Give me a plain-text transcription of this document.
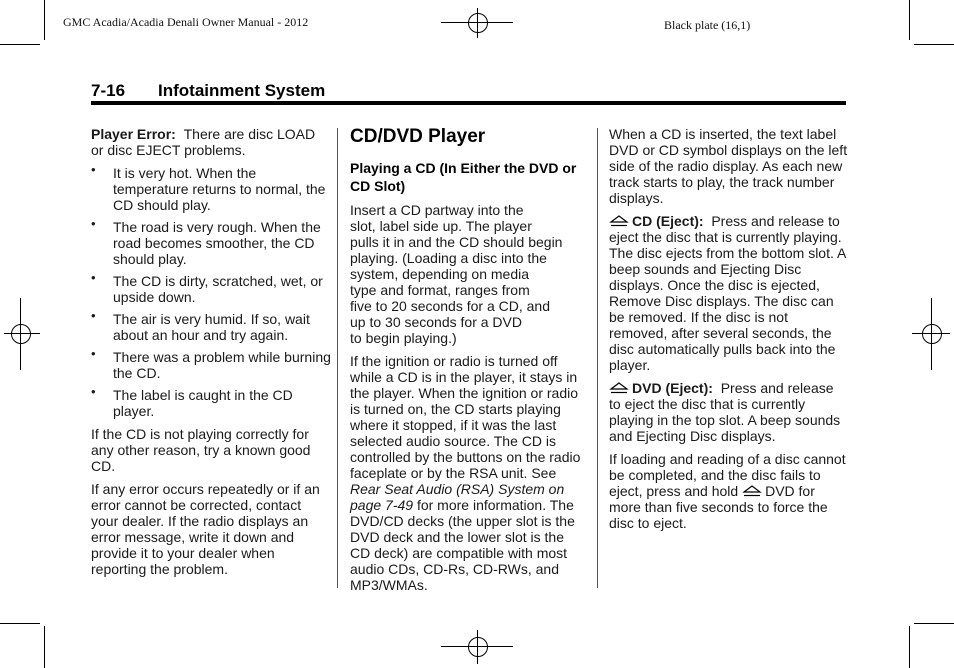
GMC Acadia/Acadia Denali Owner Manual - 2012	Black plate (16,1)
7-16 Infotainment System

Player Error: There are disc LOAD or disc EJECT problems.

• It is very hot. When the temperature returns to normal, the CD should play.
• The road is very rough. When the road becomes smoother, the CD should play.
• The CD is dirty, scratched, wet, or upside down.
• The air is very humid. If so, wait about an hour and try again.
• There was a problem while burning the CD.
• The label is caught in the CD player.

If the CD is not playing correctly for any other reason, try a known good CD.

If any error occurs repeatedly or if an error cannot be corrected, contact your dealer. If the radio displays an error message, write it down and provide it to your dealer when reporting the problem.

CD/DVD Player
Playing a CD (In Either the DVD or CD Slot)

Insert a CD partway into the
slot, label side up. The player
pulls it in and the CD should begin
playing. (Loading a disc into the
system, depending on media
type and format, ranges from
five to 20 seconds for a CD, and
up to 30 seconds for a DVD
to begin playing.)

If the ignition or radio is turned off while a CD is in the player, it stays in the player. When the ignition or radio is turned on, the CD starts playing where it stopped, if it was the last selected audio source. The CD is controlled by the buttons on the radio faceplate or by the RSA unit. See Rear Seat Audio (RSA) System on page 7-49 for more information. The DVD/CD decks (the upper slot is the DVD deck and the lower slot is the CD deck) are compatible with most audio CDs, CD-Rs, CD-RWs, and MP3/WMAs.

When a CD is inserted, the text label DVD or CD symbol displays on the left side of the radio display. As each new track starts to play, the track number displays.

CD (Eject): Press and release to eject the disc that is currently playing. The disc ejects from the bottom slot. A beep sounds and Ejecting Disc displays. Once the disc is ejected, Remove Disc displays. The disc can be removed. If the disc is not removed, after several seconds, the disc automatically pulls back into the player.

DVD (Eject): Press and release to eject the disc that is currently playing in the top slot. A beep sounds and Ejecting Disc displays.

If loading and reading of a disc cannot be completed, and the disc fails to eject, press and hold DVD for more than five seconds to force the disc to eject.
